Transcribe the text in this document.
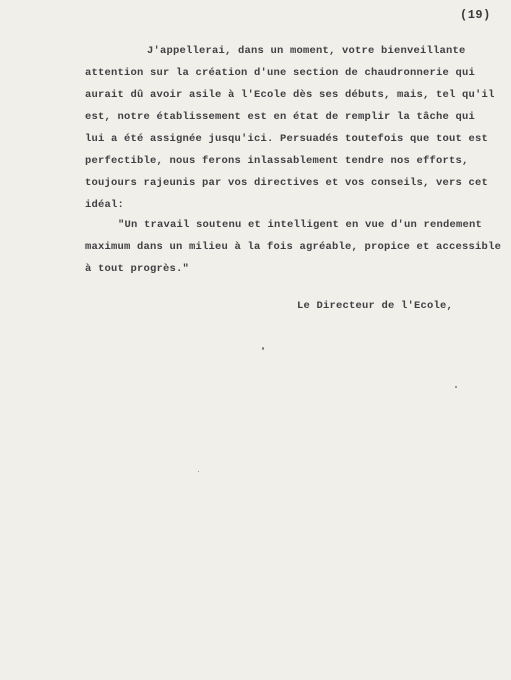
(19)
J'appellerai, dans un moment, votre bienveillante
attention sur la création d'une section de chaudronnerie qui
aurait dû avoir asile à l'Ecole dès ses débuts, mais, tel qu'il
est, notre établissement est en état de remplir la tâche qui
lui a été assignée jusqu'ici. Persuadés toutefois que tout est
perfectible, nous ferons inlassablement tendre nos efforts,
toujours rajeunis par vos directives et vos conseils, vers cet
idéal:
"Un travail soutenu et intelligent en vue d'un rendement
maximum dans un milieu à la fois agréable, propice et accessible
à tout progrès."
Le Directeur de l'Ecole,
